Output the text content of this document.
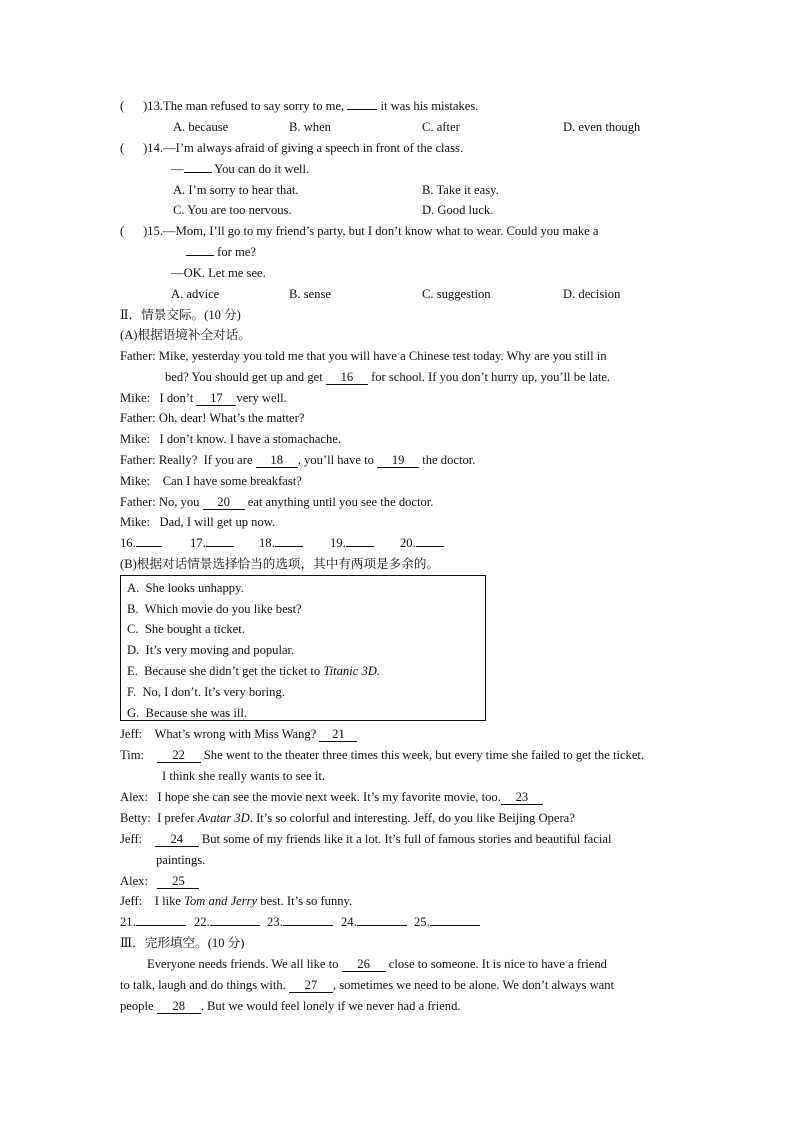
(      )13.The man refused to say sorry to me,  it was his mistakes.
A. because	B. when	C. after	D. even though
(      )14.—I’m always afraid of giving a speech in front of the class.
— You can do it well.
A. I’m sorry to hear that.	B. Take it easy.
C. You are too nervous.	D. Good luck.
(      )15.—Mom, I’ll go to my friend’s party, but I don’t know what to wear. Could you make a
for me?
—OK. Let me see.
A. advice	B. sense	C. suggestion	D. decision
Ⅱ．情景交际。(10 分)
(A)根据语境补全对话。
Father: Mike, yesterday you told me that you will have a Chinese test today. Why are you still in
bed? You should get up and get 16 for school. If you don’t hurry up, you’ll be late.
Mike: I don’t 17 very well.
Father: Oh, dear! What’s the matter?
Mike: I don’t know. I have a stomachache.
Father: Really?  If you are 18 , you’ll have to 19 the doctor.
Mike: Can I have some breakfast?
Father: No, you 20 eat anything until you see the doctor.
Mike: Dad, I will get up now.
16.	17.	18.	19.	20.
(B)根据对话情景选择恰当的选项，其中有两项是多余的。
A.  She looks unhappy.
B.  Which movie do you like best?
C.  She bought a ticket.
D.  It’s very moving and popular.
E.  Because she didn’t get the ticket to Titanic 3D.
F.  No, I don’t. It’s very boring.
G.  Because she was ill.
Jeff: What’s wrong with Miss Wang? 21
Tim: 22 She went to the theater three times this week, but every time she failed to get the ticket.
I think she really wants to see it.
Alex: I hope she can see the movie next week. It’s my favorite movie, too. 23
Betty: I prefer Avatar 3D. It’s so colorful and interesting. Jeff, do you like Beijing Opera?
Jeff: 24 But some of my friends like it a lot. It’s full of famous stories and beautiful facial
paintings.
Alex: 25
Jeff: I like Tom and Jerry best. It’s so funny.
21.	22.	23.	24.	25.
Ⅲ．完形填空。(10 分)
Everyone needs friends. We all like to 26 close to someone. It is nice to have a friend
to talk, laugh and do things with. 27 , sometimes we need to be alone. We don’t always want
people 28 . But we would feel lonely if we never had a friend.
